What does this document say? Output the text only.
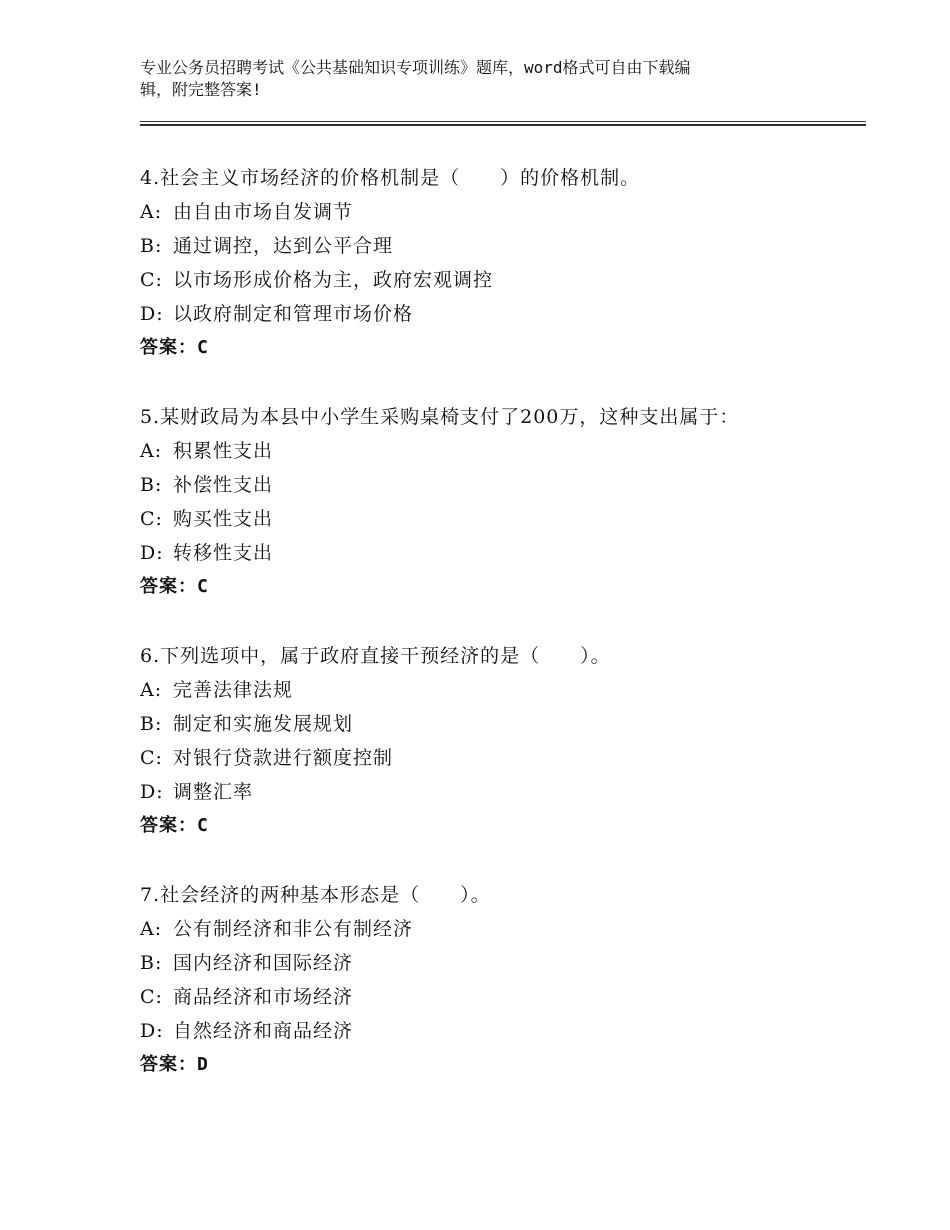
专业公务员招聘考试《公共基础知识专项训练》题库，word格式可自由下载编
辑，附完整答案!
4.社会主义市场经济的价格机制是（　　）的价格机制。
A: 由自由市场自发调节
B: 通过调控，达到公平合理
C: 以市场形成价格为主，政府宏观调控
D: 以政府制定和管理市场价格
答案：C
5.某财政局为本县中小学生采购桌椅支付了200万，这种支出属于：
A: 积累性支出
B: 补偿性支出
C: 购买性支出
D: 转移性支出
答案：C
6.下列选项中，属于政府直接干预经济的是（　　）。
A: 完善法律法规
B: 制定和实施发展规划
C: 对银行贷款进行额度控制
D: 调整汇率
答案：C
7.社会经济的两种基本形态是（　　）。
A: 公有制经济和非公有制经济
B: 国内经济和国际经济
C: 商品经济和市场经济
D: 自然经济和商品经济
答案：D
